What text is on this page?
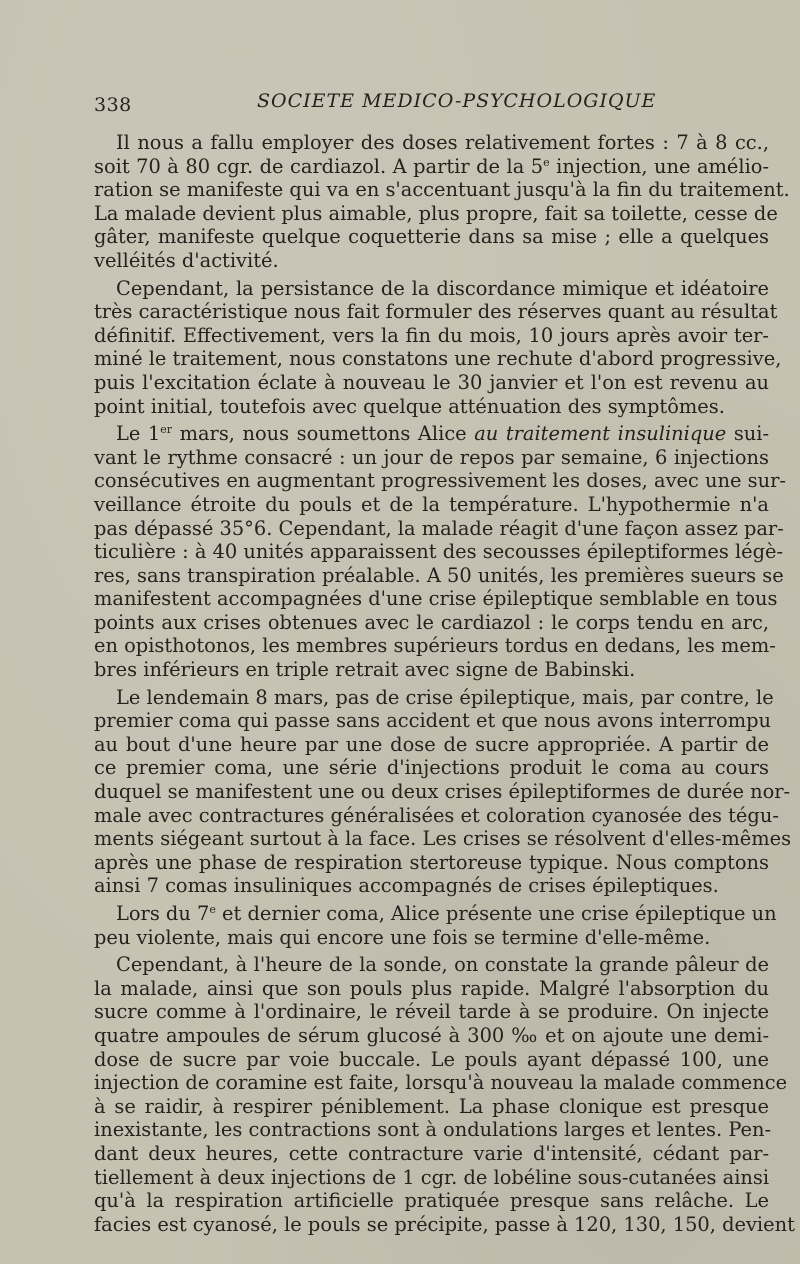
338	SOCIETE MEDICO-PSYCHOLOGIQUE
Il nous a fallu employer des doses relativement fortes : 7 à 8 cc.,
soit 70 à 80 cgr. de cardiazol. A partir de la 5e injection, une amélio-
ration se manifeste qui va en s'accentuant jusqu'à la fin du traitement.
La malade devient plus aimable, plus propre, fait sa toilette, cesse de
gâter, manifeste quelque coquetterie dans sa mise ; elle a quelques
velléités d'activité.
Cependant, la persistance de la discordance mimique et idéatoire
très caractéristique nous fait formuler des réserves quant au résultat
définitif. Effectivement, vers la fin du mois, 10 jours après avoir ter-
miné le traitement, nous constatons une rechute d'abord progressive,
puis l'excitation éclate à nouveau le 30 janvier et l'on est revenu au
point initial, toutefois avec quelque atténuation des symptômes.
Le 1er mars, nous soumettons Alice au traitement insulinique sui-
vant le rythme consacré : un jour de repos par semaine, 6 injections
consécutives en augmentant progressivement les doses, avec une sur-
veillance étroite du pouls et de la température. L'hypothermie n'a
pas dépassé 35°6. Cependant, la malade réagit d'une façon assez par-
ticulière : à 40 unités apparaissent des secousses épileptiformes légè-
res, sans transpiration préalable. A 50 unités, les premières sueurs se
manifestent accompagnées d'une crise épileptique semblable en tous
points aux crises obtenues avec le cardiazol : le corps tendu en arc,
en opisthotonos, les membres supérieurs tordus en dedans, les mem-
bres inférieurs en triple retrait avec signe de Babinski.
Le lendemain 8 mars, pas de crise épileptique, mais, par contre, le
premier coma qui passe sans accident et que nous avons interrompu
au bout d'une heure par une dose de sucre appropriée. A partir de
ce premier coma, une série d'injections produit le coma au cours
duquel se manifestent une ou deux crises épileptiformes de durée nor-
male avec contractures généralisées et coloration cyanosée des tégu-
ments siégeant surtout à la face. Les crises se résolvent d'elles-mêmes
après une phase de respiration stertoreuse typique. Nous comptons
ainsi 7 comas insuliniques accompagnés de crises épileptiques.
Lors du 7e et dernier coma, Alice présente une crise épileptique un
peu violente, mais qui encore une fois se termine d'elle-même.
Cependant, à l'heure de la sonde, on constate la grande pâleur de
la malade, ainsi que son pouls plus rapide. Malgré l'absorption du
sucre comme à l'ordinaire, le réveil tarde à se produire. On injecte
quatre ampoules de sérum glucosé à 300 ‰ et on ajoute une demi-
dose de sucre par voie buccale. Le pouls ayant dépassé 100, une
injection de coramine est faite, lorsqu'à nouveau la malade commence
à se raidir, à respirer péniblement. La phase clonique est presque
inexistante, les contractions sont à ondulations larges et lentes. Pen-
dant deux heures, cette contracture varie d'intensité, cédant par-
tiellement à deux injections de 1 cgr. de lobéline sous-cutanées ainsi
qu'à la respiration artificielle pratiquée presque sans relâche. Le
facies est cyanosé, le pouls se précipite, passe à 120, 130, 150, devient
